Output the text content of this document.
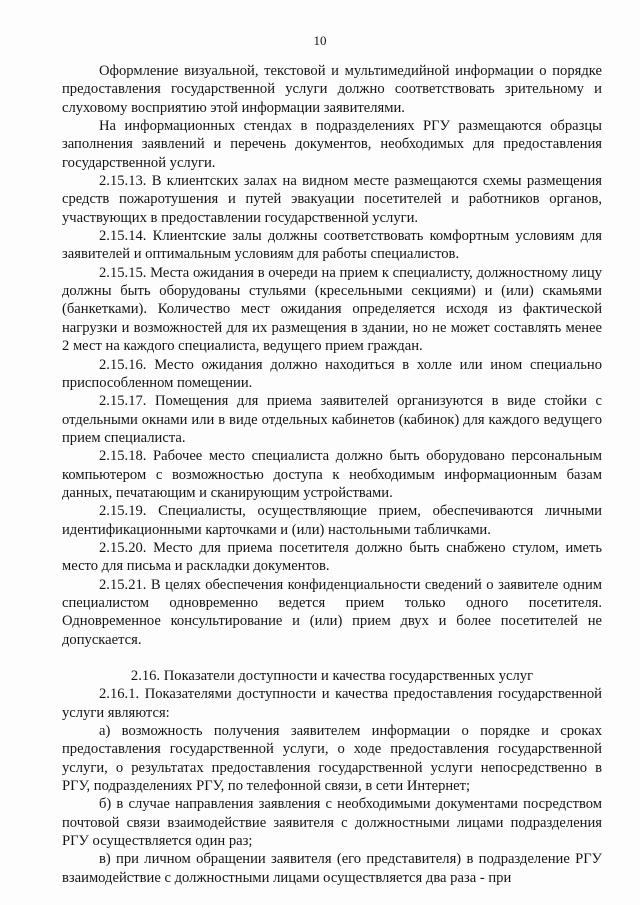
10

Оформление визуальной, текстовой и мультимедийной информации о порядке предоставления государственной услуги должно соответствовать зрительному и слуховому восприятию этой информации заявителями.

На информационных стендах в подразделениях РГУ размещаются образцы заполнения заявлений и перечень документов, необходимых для предоставления государственной услуги.

2.15.13. В клиентских залах на видном месте размещаются схемы размещения средств пожаротушения и путей эвакуации посетителей и работников органов, участвующих в предоставлении государственной услуги.

2.15.14. Клиентские залы должны соответствовать комфортным условиям для заявителей и оптимальным условиям для работы специалистов.

2.15.15. Места ожидания в очереди на прием к специалисту, должностному лицу должны быть оборудованы стульями (кресельными секциями) и (или) скамьями (банкетками). Количество мест ожидания определяется исходя из фактической нагрузки и возможностей для их размещения в здании, но не может составлять менее 2 мест на каждого специалиста, ведущего прием граждан.

2.15.16. Место ожидания должно находиться в холле или ином специально приспособленном помещении.

2.15.17. Помещения для приема заявителей организуются в виде стойки с отдельными окнами или в виде отдельных кабинетов (кабинок) для каждого ведущего прием специалиста.

2.15.18. Рабочее место специалиста должно быть оборудовано персональным компьютером с возможностью доступа к необходимым информационным базам данных, печатающим и сканирующим устройствами.

2.15.19. Специалисты, осуществляющие прием, обеспечиваются личными идентификационными карточками и (или) настольными табличками.

2.15.20. Место для приема посетителя должно быть снабжено стулом, иметь место для письма и раскладки документов.

2.15.21. В целях обеспечения конфиденциальности сведений о заявителе одним специалистом одновременно ведется прием только одного посетителя. Одновременное консультирование и (или) прием двух и более посетителей не допускается.

2.16. Показатели доступности и качества государственных услуг

2.16.1. Показателями доступности и качества предоставления государственной услуги являются:

а) возможность получения заявителем информации о порядке и сроках предоставления государственной услуги, о ходе предоставления государственной услуги, о результатах предоставления государственной услуги непосредственно в РГУ, подразделениях РГУ, по телефонной связи, в сети Интернет;

б) в случае направления заявления с необходимыми документами посредством почтовой связи взаимодействие заявителя с должностными лицами подразделения РГУ осуществляется один раз;

в) при личном обращении заявителя (его представителя) в подразделение РГУ взаимодействие с должностными лицами осуществляется два раза - при
